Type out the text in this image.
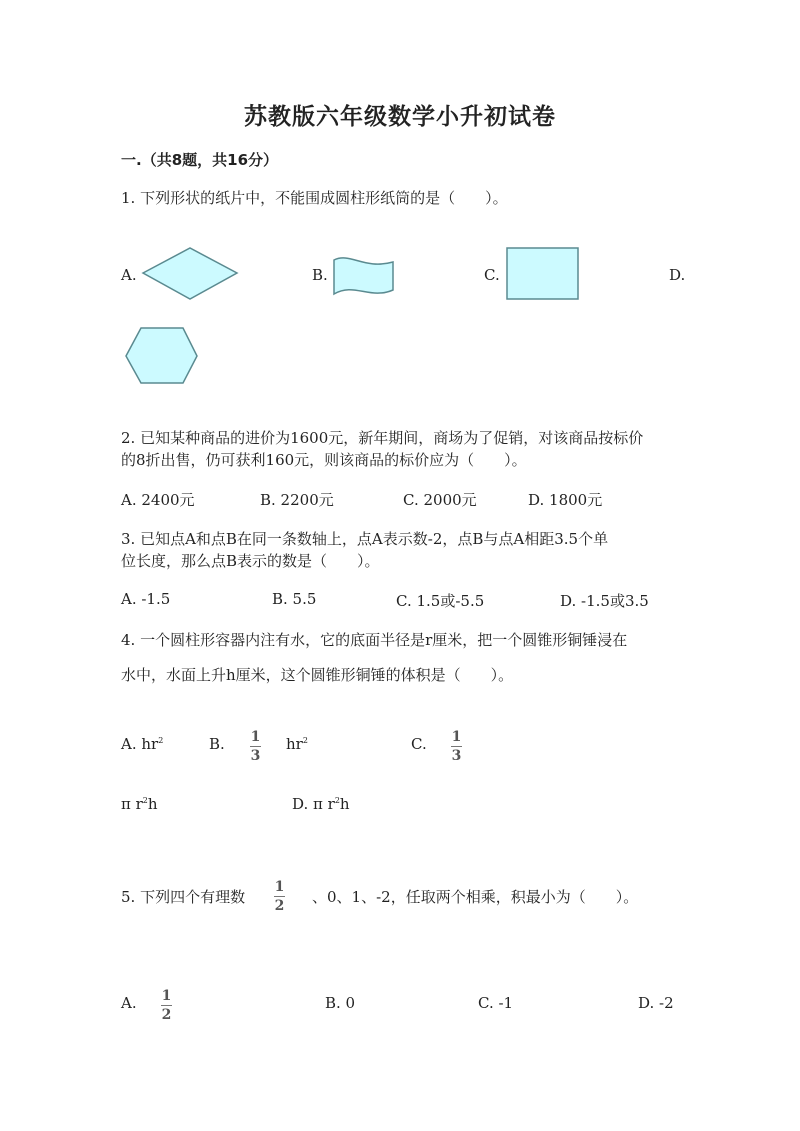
苏教版六年级数学小升初试卷
一.（共8题，共16分）
1. 下列形状的纸片中，不能围成圆柱形纸筒的是（　　）。
A.	B.	C.	D.
2. 已知某种商品的进价为1600元，新年期间，商场为了促销，对该商品按标价
的8折出售，仍可获利160元，则该商品的标价应为（　　）。
A. 2400元	B. 2200元	C. 2000元	D. 1800元
3. 已知点A和点B在同一条数轴上，点A表示数-2，点B与点A相距3.5个单
位长度，那么点B表示的数是（　　）。
A. -1.5	B. 5.5	C. 1.5或-5.5	D. -1.5或3.5
4. 一个圆柱形容器内注有水，它的底面半径是r厘米，把一个圆锥形铜锤浸在
水中，水面上升h厘米，这个圆锥形铜锤的体积是（　　）。
A. $hr^2$	B. 1
3
$hr^2$	C. 1
3
π $r^2h$	D. π $r^2h$
5. 下列四个有理数
1
2 、0、1、-2，任取两个相乘，积最小为（　　）。
A. 1
2
B. 0	C. -1	D. -2
